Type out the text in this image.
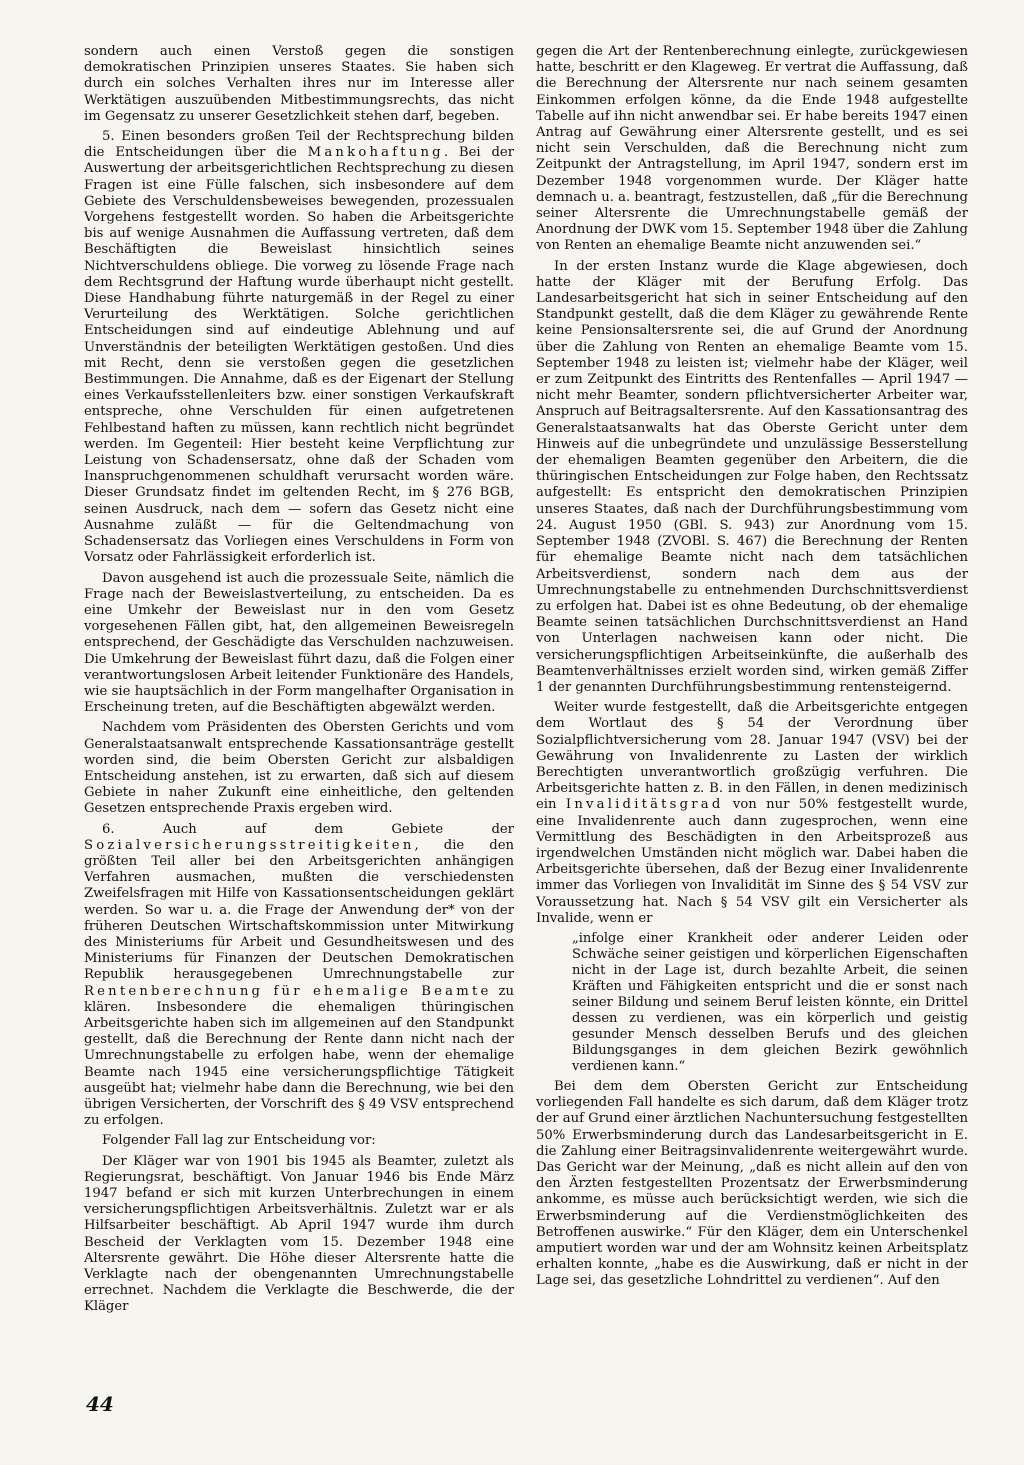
sondern auch einen Verstoß gegen die sonstigen demokratischen Prinzipien unseres Staates. Sie haben sich durch ein solches Verhalten ihres nur im Interesse aller Werktätigen auszuübenden Mitbestimmungsrechts, das nicht im Gegensatz zu unserer Gesetzlichkeit stehen darf, begeben.

5. Einen besonders großen Teil der Rechtsprechung bilden die Entscheidungen über die Mankohaftung. Bei der Auswertung der arbeitsgerichtlichen Rechtsprechung zu diesen Fragen ist eine Fülle falschen, sich insbesondere auf dem Gebiete des Verschuldensbeweises bewegenden, prozessualen Vorgehens festgestellt worden. So haben die Arbeitsgerichte bis auf wenige Ausnahmen die Auffassung vertreten, daß dem Beschäftigten die Beweislast hinsichtlich seines Nichtverschuldens obliege. Die vorweg zu lösende Frage nach dem Rechtsgrund der Haftung wurde überhaupt nicht gestellt. Diese Handhabung führte naturgemäß in der Regel zu einer Verurteilung des Werktätigen. Solche gerichtlichen Entscheidungen sind auf eindeutige Ablehnung und auf Unverständnis der beteiligten Werktätigen gestoßen. Und dies mit Recht, denn sie verstoßen gegen die gesetzlichen Bestimmungen. Die Annahme, daß es der Eigenart der Stellung eines Verkaufsstellenleiters bzw. einer sonstigen Verkaufskraft entspreche, ohne Verschulden für einen aufgetretenen Fehlbestand haften zu müssen, kann rechtlich nicht begründet werden. Im Gegenteil: Hier besteht keine Verpflichtung zur Leistung von Schadensersatz, ohne daß der Schaden vom Inanspruchgenommenen schuldhaft verursacht worden wäre. Dieser Grundsatz findet im geltenden Recht, im § 276 BGB, seinen Ausdruck, nach dem — sofern das Gesetz nicht eine Ausnahme zuläßt — für die Geltendmachung von Schadensersatz das Vorliegen eines Verschuldens in Form von Vorsatz oder Fahrlässigkeit erforderlich ist.

Davon ausgehend ist auch die prozessuale Seite, nämlich die Frage nach der Beweislastverteilung, zu entscheiden. Da es eine Umkehr der Beweislast nur in den vom Gesetz vorgesehenen Fällen gibt, hat, den allgemeinen Beweisregeln entsprechend, der Geschädigte das Verschulden nachzuweisen. Die Umkehrung der Beweislast führt dazu, daß die Folgen einer verantwortungslosen Arbeit leitender Funktionäre des Handels, wie sie hauptsächlich in der Form mangelhafter Organisation in Erscheinung treten, auf die Beschäftigten abgewälzt werden.

Nachdem vom Präsidenten des Obersten Gerichts und vom Generalstaatsanwalt entsprechende Kassationsanträge gestellt worden sind, die beim Obersten Gericht zur alsbaldigen Entscheidung anstehen, ist zu erwarten, daß sich auf diesem Gebiete in naher Zukunft eine einheitliche, den geltenden Gesetzen entsprechende Praxis ergeben wird.

6. Auch auf dem Gebiete der Sozialversicherungsstreitigkeiten, die den größten Teil aller bei den Arbeitsgerichten anhängigen Verfahren ausmachen, mußten die verschiedensten Zweifelsfragen mit Hilfe von Kassationsentscheidungen geklärt werden. So war u. a. die Frage der Anwendung der* von der früheren Deutschen Wirtschaftskommission unter Mitwirkung des Ministeriums für Arbeit und Gesundheitswesen und des Ministeriums für Finanzen der Deutschen Demokratischen Republik herausgegebenen Umrechnungstabelle zur Rentenberechnung für ehemalige Beamte zu klären. Insbesondere die ehemaligen thüringischen Arbeitsgerichte haben sich im allgemeinen auf den Standpunkt gestellt, daß die Berechnung der Rente dann nicht nach der Umrechnungstabelle zu erfolgen habe, wenn der ehemalige Beamte nach 1945 eine versicherungspflichtige Tätigkeit ausgeübt hat; vielmehr habe dann die Berechnung, wie bei den übrigen Versicherten, der Vorschrift des § 49 VSV entsprechend zu erfolgen.

Folgender Fall lag zur Entscheidung vor:

Der Kläger war von 1901 bis 1945 als Beamter, zuletzt als Regierungsrat, beschäftigt. Von Januar 1946 bis Ende März 1947 befand er sich mit kurzen Unterbrechungen in einem versicherungspflichtigen Arbeitsverhältnis. Zuletzt war er als Hilfsarbeiter beschäftigt. Ab April 1947 wurde ihm durch Bescheid der Verklagten vom 15. Dezember 1948 eine Altersrente gewährt. Die Höhe dieser Altersrente hatte die Verklagte nach der obengenannten Umrechnungstabelle errechnet. Nachdem die Verklagte die Beschwerde, die der Kläger

gegen die Art der Rentenberechnung einlegte, zurückgewiesen hatte, beschritt er den Klageweg. Er vertrat die Auffassung, daß die Berechnung der Altersrente nur nach seinem gesamten Einkommen erfolgen könne, da die Ende 1948 aufgestellte Tabelle auf ihn nicht anwendbar sei. Er habe bereits 1947 einen Antrag auf Gewährung einer Altersrente gestellt, und es sei nicht sein Verschulden, daß die Berechnung nicht zum Zeitpunkt der Antragstellung, im April 1947, sondern erst im Dezember 1948 vorgenommen wurde. Der Kläger hatte demnach u. a. beantragt, festzustellen, daß „für die Berechnung seiner Altersrente die Umrechnungstabelle gemäß der Anordnung der DWK vom 15. September 1948 über die Zahlung von Renten an ehemalige Beamte nicht anzuwenden sei.“

In der ersten Instanz wurde die Klage abgewiesen, doch hatte der Kläger mit der Berufung Erfolg. Das Landesarbeitsgericht hat sich in seiner Entscheidung auf den Standpunkt gestellt, daß die dem Kläger zu gewährende Rente keine Pensionsaltersrente sei, die auf Grund der Anordnung über die Zahlung von Renten an ehemalige Beamte vom 15. September 1948 zu leisten ist; vielmehr habe der Kläger, weil er zum Zeitpunkt des Eintritts des Rentenfalles — April 1947 — nicht mehr Beamter, sondern pflichtversicherter Arbeiter war, Anspruch auf Beitragsaltersrente. Auf den Kassationsantrag des Generalstaatsanwalts hat das Oberste Gericht unter dem Hinweis auf die unbegründete und unzulässige Besserstellung der ehemaligen Beamten gegenüber den Arbeitern, die die thüringischen Entscheidungen zur Folge haben, den Rechtssatz aufgestellt: Es entspricht den demokratischen Prinzipien unseres Staates, daß nach der Durchführungsbestimmung vom 24. August 1950 (GBl. S. 943) zur Anordnung vom 15. September 1948 (ZVOBl. S. 467) die Berechnung der Renten für ehemalige Beamte nicht nach dem tatsächlichen Arbeitsverdienst, sondern nach dem aus der Umrechnungstabelle zu entnehmenden Durchschnittsverdienst zu erfolgen hat. Dabei ist es ohne Bedeutung, ob der ehemalige Beamte seinen tatsächlichen Durchschnittsverdienst an Hand von Unterlagen nachweisen kann oder nicht. Die versicherungspflichtigen Arbeitseinkünfte, die außerhalb des Beamtenverhältnisses erzielt worden sind, wirken gemäß Ziffer 1 der genannten Durchführungsbestimmung rentensteigernd.

Weiter wurde festgestellt, daß die Arbeitsgerichte entgegen dem Wortlaut des § 54 der Verordnung über Sozialpflichtversicherung vom 28. Januar 1947 (VSV) bei der Gewährung von Invalidenrente zu Lasten der wirklich Berechtigten unverantwortlich großzügig verfuhren. Die Arbeitsgerichte hatten z. B. in den Fällen, in denen medizinisch ein Invaliditätsgrad von nur 50% festgestellt wurde, eine Invalidenrente auch dann zugesprochen, wenn eine Vermittlung des Beschädigten in den Arbeitsprozeß aus irgendwelchen Umständen nicht möglich war. Dabei haben die Arbeitsgerichte übersehen, daß der Bezug einer Invalidenrente immer das Vorliegen von Invalidität im Sinne des § 54 VSV zur Voraussetzung hat. Nach § 54 VSV gilt ein Versicherter als Invalide, wenn er

„infolge einer Krankheit oder anderer Leiden oder Schwäche seiner geistigen und körperlichen Eigenschaften nicht in der Lage ist, durch bezahlte Arbeit, die seinen Kräften und Fähigkeiten entspricht und die er sonst nach seiner Bildung und seinem Beruf leisten könnte, ein Drittel dessen zu verdienen, was ein körperlich und geistig gesunder Mensch desselben Berufs und des gleichen Bildungsganges in dem gleichen Bezirk gewöhnlich verdienen kann.“

Bei dem dem Obersten Gericht zur Entscheidung vorliegenden Fall handelte es sich darum, daß dem Kläger trotz der auf Grund einer ärztlichen Nachuntersuchung festgestellten 50% Erwerbsminderung durch das Landesarbeitsgericht in E. die Zahlung einer Beitragsinvalidenrente weitergewährt wurde. Das Gericht war der Meinung, „daß es nicht allein auf den von den Ärzten festgestellten Prozentsatz der Erwerbsminderung ankomme, es müsse auch berücksichtigt werden, wie sich die Erwerbsminderung auf die Verdienstmöglichkeiten des Betroffenen auswirke.“ Für den Kläger, dem ein Unterschenkel amputiert worden war und der am Wohnsitz keinen Arbeitsplatz erhalten konnte, „habe es die Auswirkung, daß er nicht in der Lage sei, das gesetzliche Lohndrittel zu verdienen“. Auf den

44
